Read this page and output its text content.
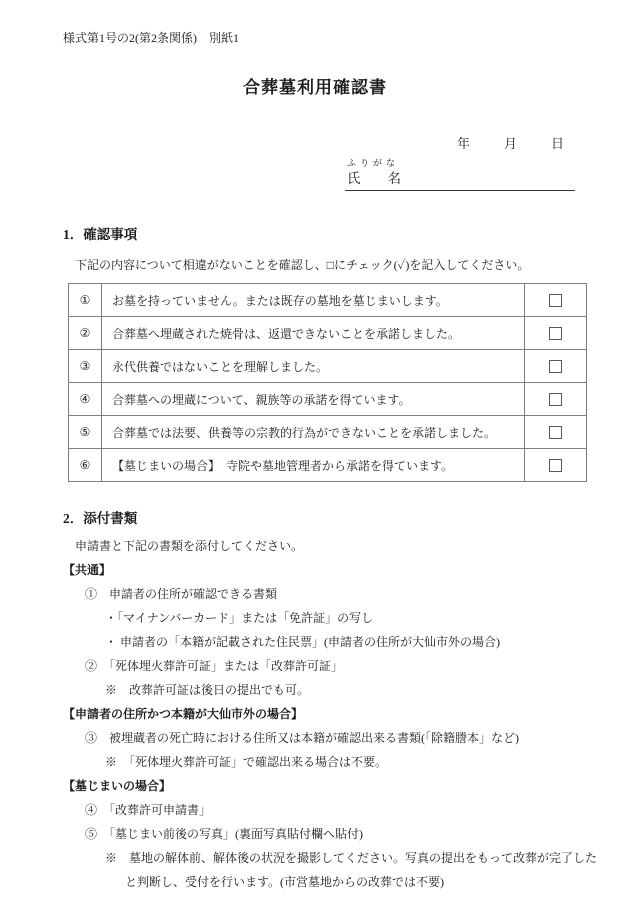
様式第1号の2(第2条関係)　別紙1
合葬墓利用確認書
年	月	日
ふりがな
氏　　名
1．確認事項
下記の内容について相違がないことを確認し、□にチェック(✓)を記入してください。
①	お墓を持っていません。または既存の墓地を墓じまいします。	
②	合葬墓へ埋蔵された焼骨は、返還できないことを承諾しました。	
③	永代供養ではないことを理解しました。	
④	合葬墓への埋蔵について、親族等の承諾を得ています。	
⑤	合葬墓では法要、供養等の宗教的行為ができないことを承諾しました。	
⑥	【墓じまいの場合】　寺院や墓地管理者から承諾を得ています。	
2．添付書類
申請書と下記の書類を添付してください。
【共通】
①　申請者の住所が確認できる書類
・「マイナンバーカード」または「免許証」の写し
・ 申請者の「本籍が記載された住民票」(申請者の住所が大仙市外の場合)
②　「死体埋火葬許可証」または「改葬許可証」
※　改葬許可証は後日の提出でも可。
【申請者の住所かつ本籍が大仙市外の場合】
③　被埋蔵者の死亡時における住所又は本籍が確認出来る書類(「除籍謄本」など)
※　「死体埋火葬許可証」で確認出来る場合は不要。
【墓じまいの場合】
④　「改葬許可申請書」
⑤　「墓じまい前後の写真」(裏面写真貼付欄へ貼付)
※　墓地の解体前、解体後の状況を撮影してください。写真の提出をもって改葬が完了した
と判断し、受付を行います。(市営墓地からの改葬では不要)
